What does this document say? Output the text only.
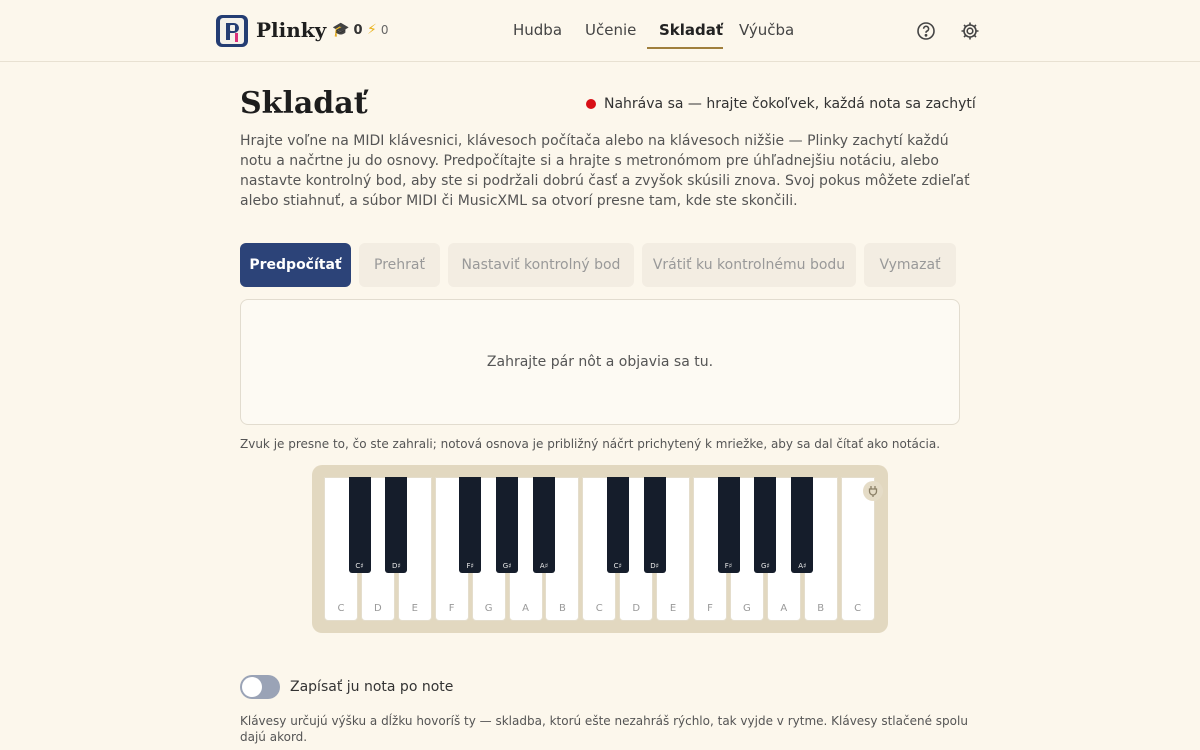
Plinky 🎓 0 ⚡ 0	Hudba Učenie Skladať Výučba
Skladať	Nahráva sa — hrajte čokoľvek, každá nota sa zachytí
Hrajte voľne na MIDI klávesnici, klávesoch počítača alebo na klávesoch nižšie — Plinky zachytí každú notu a načrtne ju do osnovy. Predpočítajte si a hrajte s metronómom pre úhľadnejšiu notáciu, alebo nastavte kontrolný bod, aby ste si podržali dobrú časť a zvyšok skúsili znova. Svoj pokus môžete zdieľať alebo stiahnuť, a súbor MIDI či MusicXML sa otvorí presne tam, kde ste skončili.
Predpočítať	Prehrať	Nastaviť kontrolný bod	Vrátiť ku kontrolnému bodu	Vymazať
Zahrajte pár nôt a objavia sa tu.
Zvuk je presne to, čo ste zahrali; notová osnova je približný náčrt prichytený k mriežke, aby sa dal čítať ako notácia.
C	D	E	F	G	A	B	C	D	E	F	G	A	B	C
C♯	D♯	F♯	G♯	A♯	C♯	D♯	F♯	G♯	A♯
Zapísať ju nota po note
Klávesy určujú výšku a dĺžku hovoríš ty — skladba, ktorú ešte nezahráš rýchlo, tak vyjde v rytme. Klávesy stlačené spolu dajú akord.
